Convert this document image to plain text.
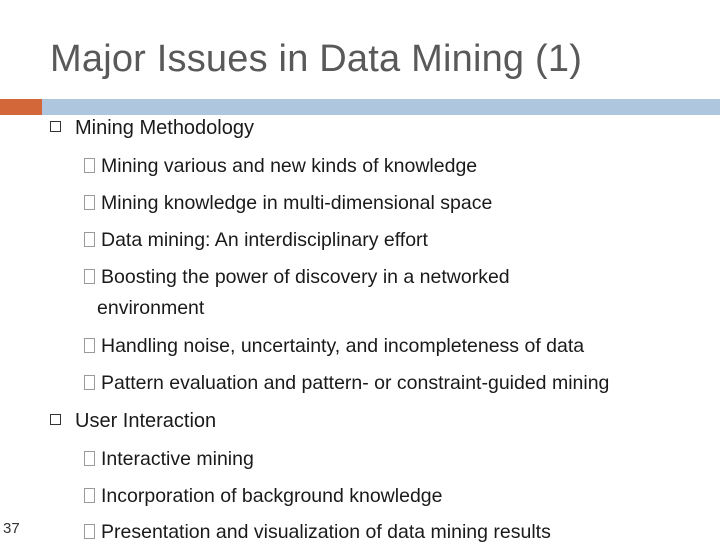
Major Issues in Data Mining (1)
Mining Methodology
Mining various and new kinds of knowledge
Mining knowledge in multi-dimensional space
Data mining: An interdisciplinary effort
Boosting the power of discovery in a networked
environment
Handling noise, uncertainty, and incompleteness of data
Pattern evaluation and pattern- or constraint-guided mining
User Interaction
Interactive mining
Incorporation of background knowledge
Presentation and visualization of data mining results
37
